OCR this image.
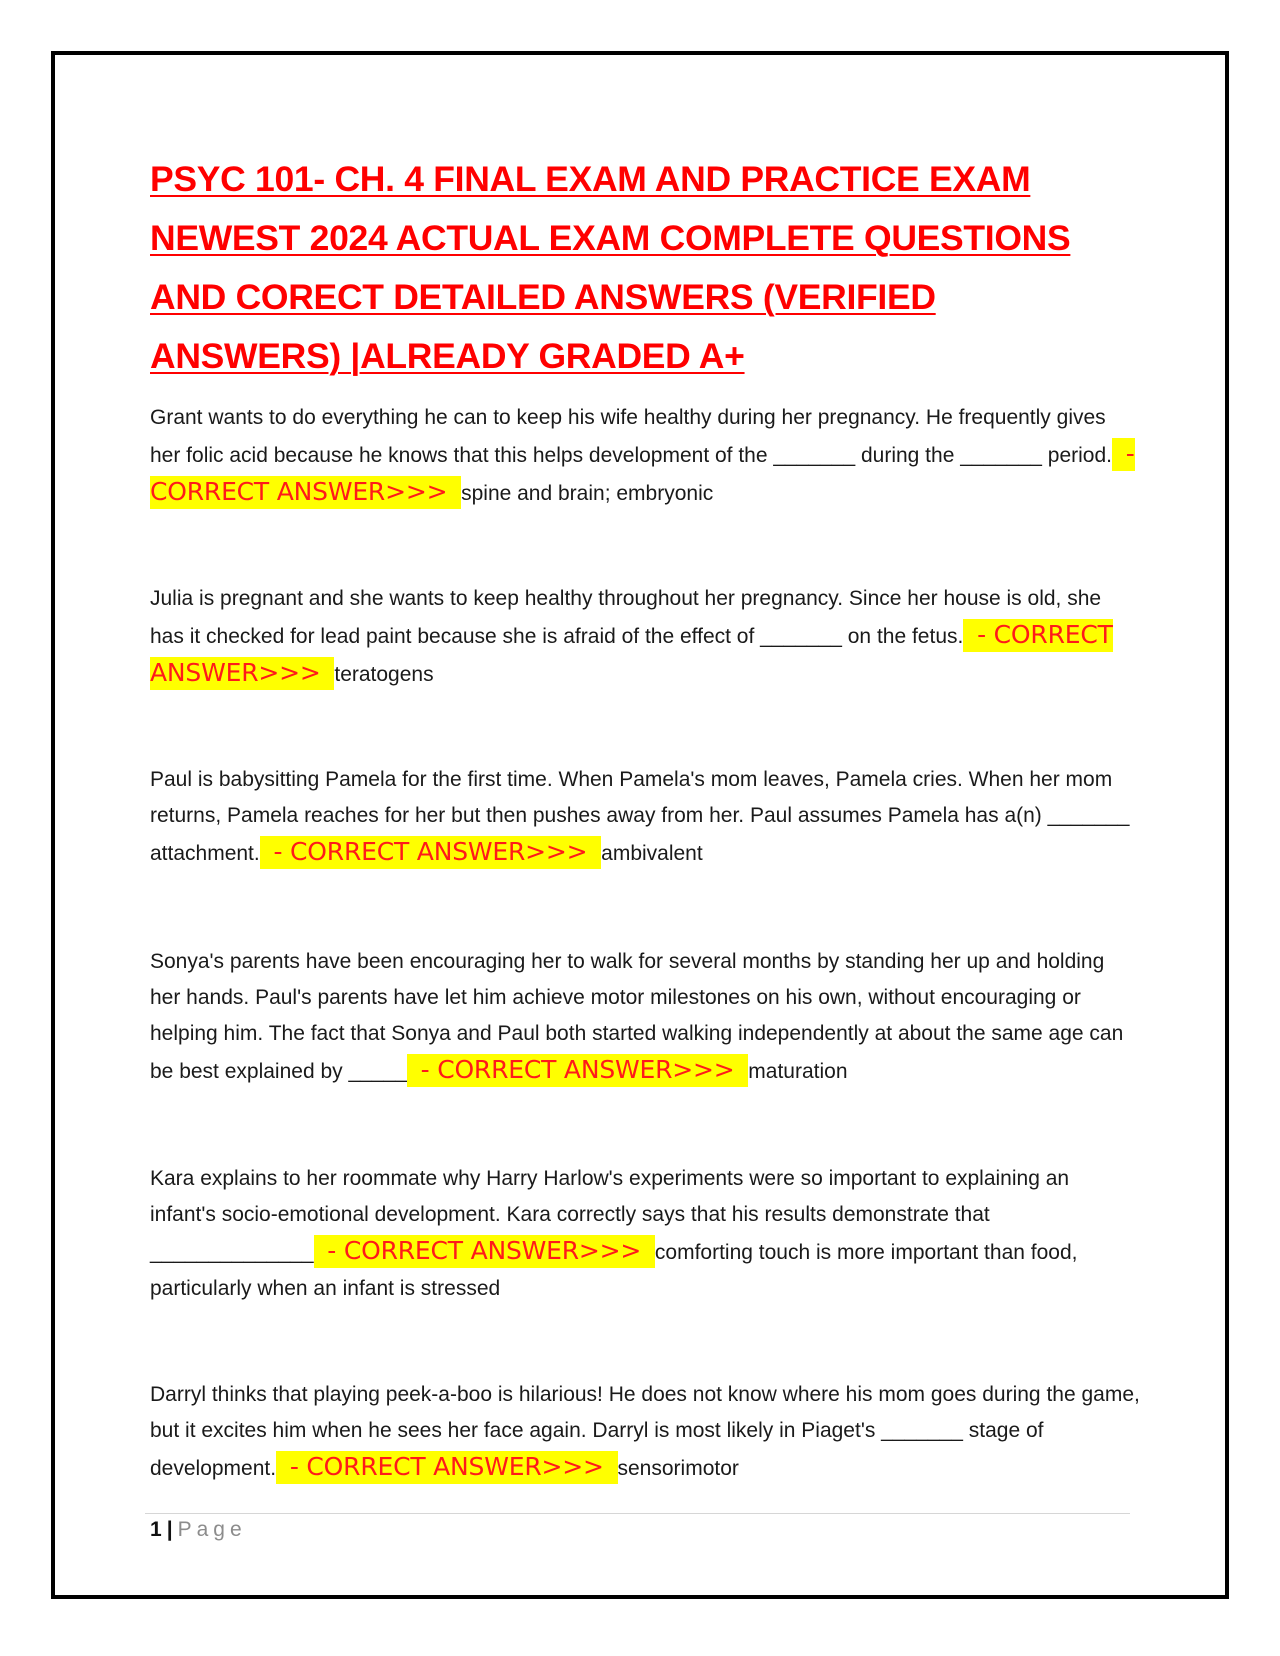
PSYC 101- CH. 4 FINAL EXAM AND PRACTICE EXAM NEWEST 2024 ACTUAL EXAM COMPLETE QUESTIONS AND CORECT DETAILED ANSWERS (VERIFIED ANSWERS) |ALREADY GRADED A+

Grant wants to do everything he can to keep his wife healthy during her pregnancy. He frequently gives her folic acid because he knows that this helps development of the _______ during the _______ period. - CORRECT ANSWER>>> spine and brain; embryonic

Julia is pregnant and she wants to keep healthy throughout her pregnancy. Since her house is old, she has it checked for lead paint because she is afraid of the effect of _______ on the fetus. - CORRECT ANSWER>>> teratogens

Paul is babysitting Pamela for the first time. When Pamela's mom leaves, Pamela cries. When her mom returns, Pamela reaches for her but then pushes away from her. Paul assumes Pamela has a(n) _______ attachment. - CORRECT ANSWER>>> ambivalent

Sonya's parents have been encouraging her to walk for several months by standing her up and holding her hands. Paul's parents have let him achieve motor milestones on his own, without encouraging or helping him. The fact that Sonya and Paul both started walking independently at about the same age can be best explained by _____ - CORRECT ANSWER>>> maturation

Kara explains to her roommate why Harry Harlow's experiments were so important to explaining an infant's socio-emotional development. Kara correctly says that his results demonstrate that ______________ - CORRECT ANSWER>>> comforting touch is more important than food, particularly when an infant is stressed

Darryl thinks that playing peek-a-boo is hilarious! He does not know where his mom goes during the game, but it excites him when he sees her face again. Darryl is most likely in Piaget's _______ stage of development. - CORRECT ANSWER>>> sensorimotor

1 | Page
